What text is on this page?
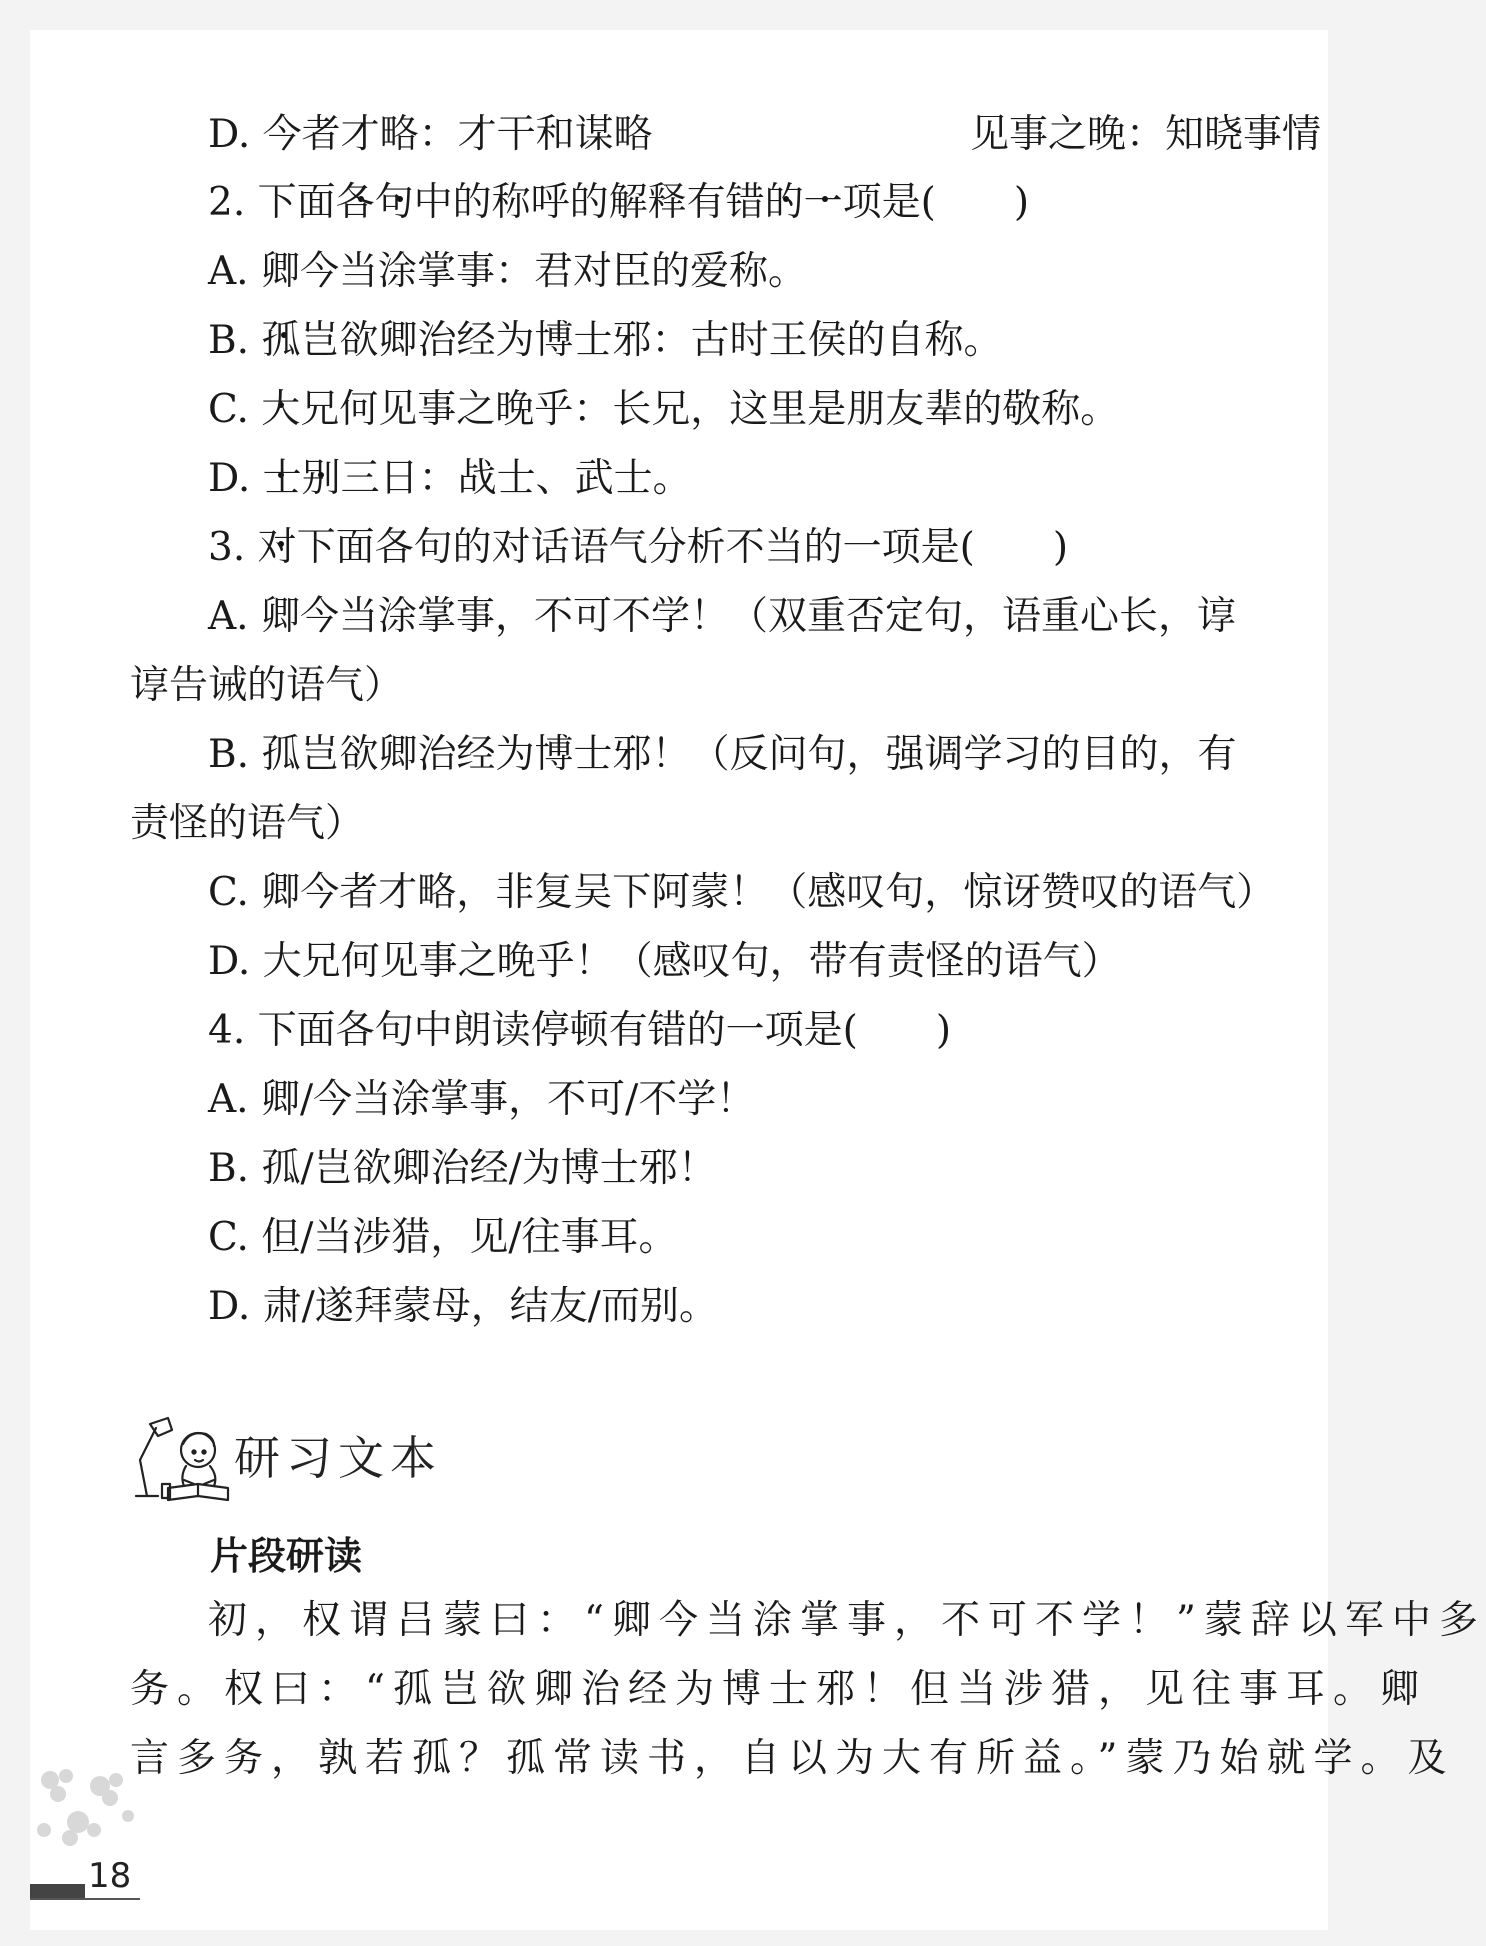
D. 今者才略：才干和谋略	见事之晚：知晓事情
2. 下面各句中的称呼的解释有错的一项是(　　)
A. 卿今当涂掌事：君对臣的爱称。
B. 孤岂欲卿治经为博士邪：古时王侯的自称。
C. 大兄何见事之晚乎：长兄，这里是朋友辈的敬称。
D. 士别三日：战士、武士。
3. 对下面各句的对话语气分析不当的一项是(　　)
A. 卿今当涂掌事，不可不学！（双重否定句，语重心长，谆
谆告诫的语气）
B. 孤岂欲卿治经为博士邪！（反问句，强调学习的目的，有
责怪的语气）
C. 卿今者才略，非复吴下阿蒙！（感叹句，惊讶赞叹的语气）
D. 大兄何见事之晚乎！（感叹句，带有责怪的语气）
4. 下面各句中朗读停顿有错的一项是(　　)
A. 卿/今当涂掌事，不可/不学！
B. 孤/岂欲卿治经/为博士邪！
C. 但/当涉猎，见/往事耳。
D. 肃/遂拜蒙母，结友/而别。
研习文本
片段研读
初，权谓吕蒙曰：“卿今当涂掌事，不可不学！”蒙辞以军中多
务。权曰：“孤岂欲卿治经为博士邪！但当涉猎，见往事耳。卿
言多务，孰若孤？孤常读书，自以为大有所益。”蒙乃始就学。及
18
